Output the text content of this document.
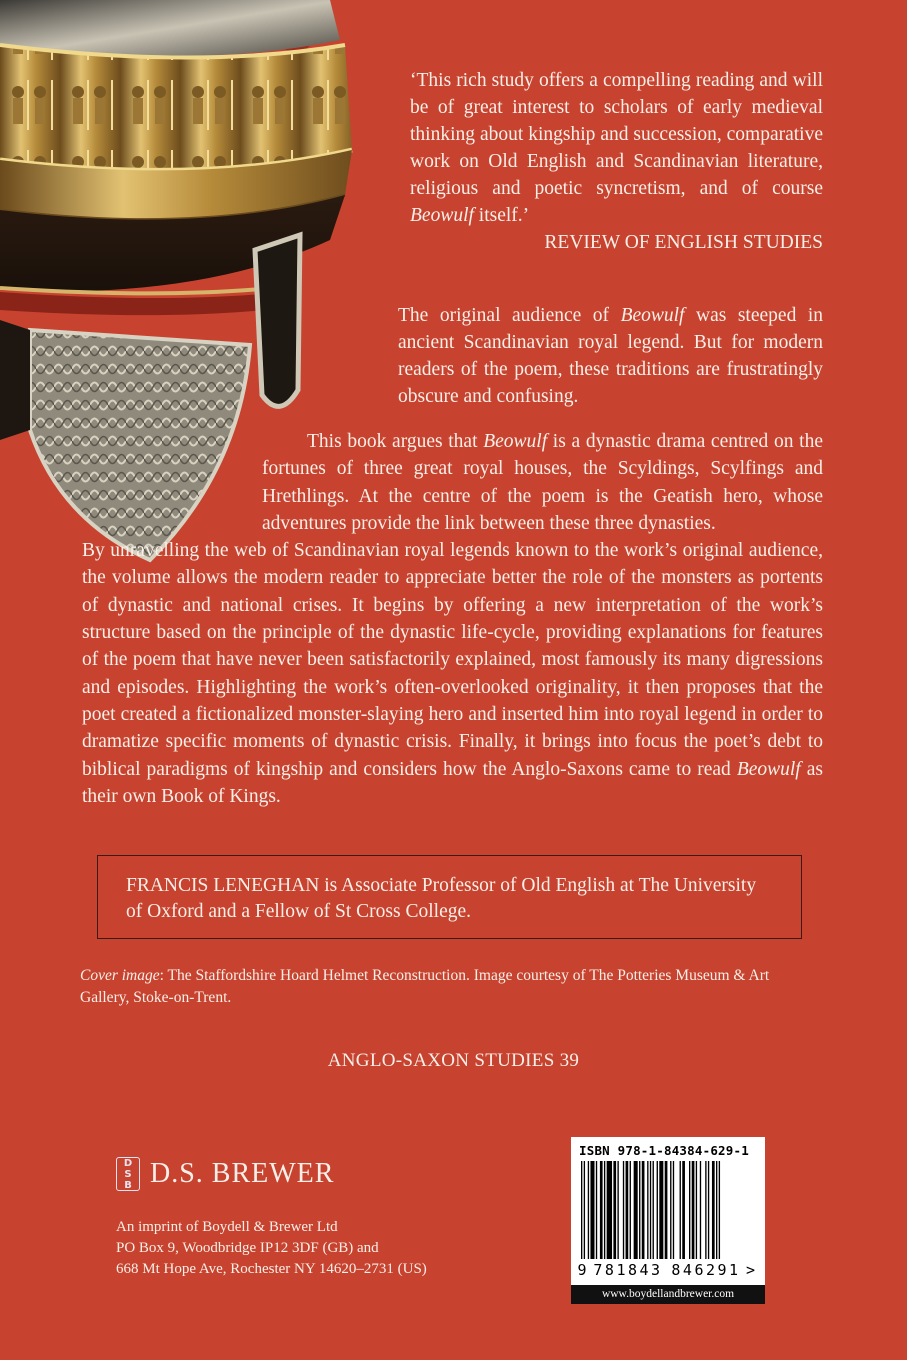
‘This rich study offers a compelling reading and will be of great interest to scholars of early medieval thinking about kingship and succession, comparative work on Old English and Scandinavian literature, religious and poetic syncretism, and of course Beowulf itself.’
REVIEW OF ENGLISH STUDIES
The original audience of Beowulf was steeped in ancient Scandinavian royal legend. But for modern readers of the poem, these traditions are frustratingly obscure and confusing.
This book argues that Beowulf is a dynastic drama centred on the fortunes of three great royal houses, the Scyldings, Scylfings and Hrethlings. At the centre of the poem is the Geatish hero, whose adventures provide the link between these three dynasties.
By unravelling the web of Scandinavian royal legends known to the work’s original audience, the volume allows the modern reader to appreciate better the role of the monsters as portents of dynastic and national crises. It begins by offering a new interpretation of the work’s structure based on the principle of the dynastic life-cycle, providing explanations for features of the poem that have never been satisfactorily explained, most famously its many digressions and episodes. Highlighting the work’s often-overlooked originality, it then proposes that the poet created a fictionalized monster-slaying hero and inserted him into royal legend in order to dramatize specific moments of dynastic crisis. Finally, it brings into focus the poet’s debt to biblical paradigms of kingship and considers how the Anglo-Saxons came to read Beowulf as their own Book of Kings.
FRANCIS LENEGHAN is Associate Professor of Old English at The University of Oxford and a Fellow of St Cross College.
Cover image: The Staffordshire Hoard Helmet Reconstruction. Image courtesy of The Potteries Museum & Art Gallery, Stoke-on-Trent.
ANGLO-SAXON STUDIES 39
D
S
B D.S. BREWER
An imprint of Boydell & Brewer Ltd
PO Box 9, Woodbridge IP12 3DF (GB) and
668 Mt Hope Ave, Rochester NY 14620–2731 (US)
ISBN 978-1-84384-629-1
9 781843 846291 >
www.boydellandbrewer.com
